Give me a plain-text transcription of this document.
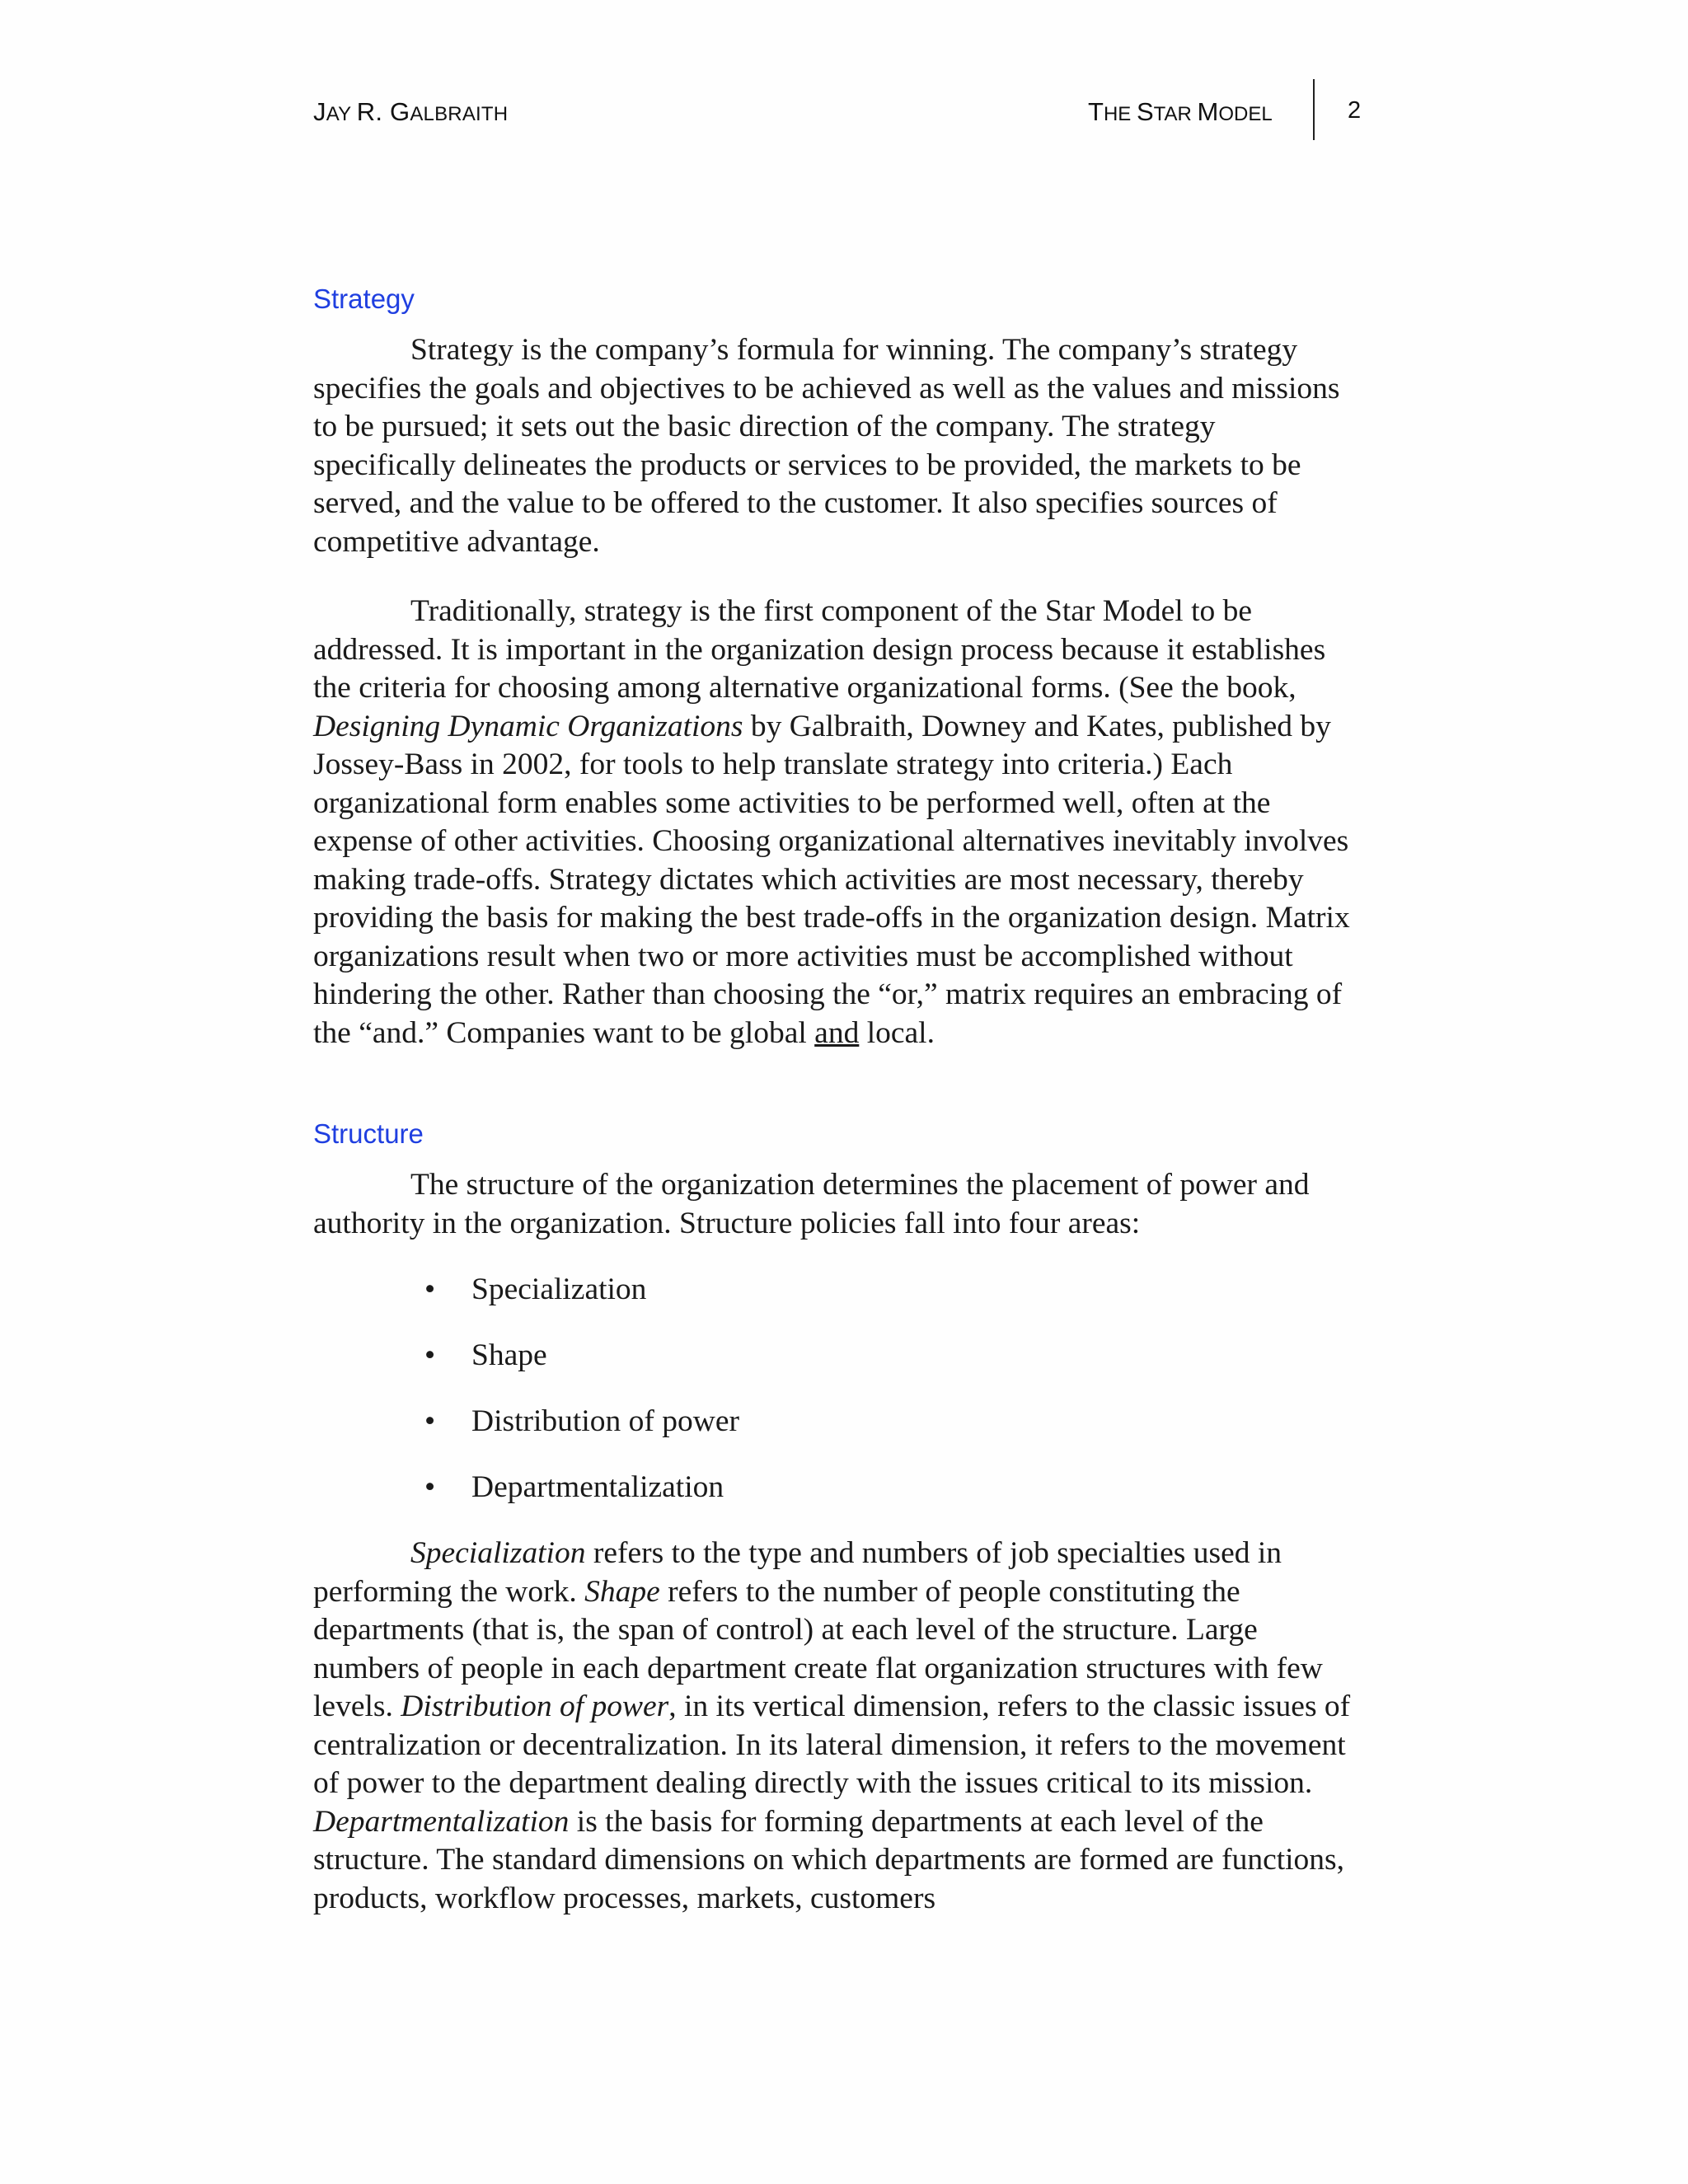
JAY R. GALBRAITH	THE STAR MODEL	2
Strategy

Strategy is the company’s formula for winning. The company’s strategy specifies the goals and objectives to be achieved as well as the values and missions to be pursued; it sets out the basic direction of the company. The strategy specifically delineates the products or services to be provided, the markets to be served, and the value to be offered to the customer. It also specifies sources of competitive advantage.

Traditionally, strategy is the first component of the Star Model to be addressed. It is important in the organization design process because it establishes the criteria for choosing among alternative organizational forms. (See the book, Designing Dynamic Organizations by Galbraith, Downey and Kates, published by Jossey-Bass in 2002, for tools to help translate strategy into criteria.) Each organizational form enables some activities to be performed well, often at the expense of other activities. Choosing organizational alternatives inevitably involves making trade-offs. Strategy dictates which activities are most necessary, thereby providing the basis for making the best trade-offs in the organization design. Matrix organizations result when two or more activities must be accomplished without hindering the other. Rather than choosing the “or,” matrix requires an embracing of the “and.” Companies want to be global and local.

Structure

The structure of the organization determines the placement of power and authority in the organization. Structure policies fall into four areas:

• Specialization
• Shape
• Distribution of power
• Departmentalization

Specialization refers to the type and numbers of job specialties used in performing the work. Shape refers to the number of people constituting the departments (that is, the span of control) at each level of the structure. Large numbers of people in each department create flat organization structures with few levels. Distribution of power, in its vertical dimension, refers to the classic issues of centralization or decentralization. In its lateral dimension, it refers to the movement of power to the department dealing directly with the issues critical to its mission. Departmentalization is the basis for forming departments at each level of the structure. The standard dimensions on which departments are formed are functions, products, workflow processes, markets, customers
